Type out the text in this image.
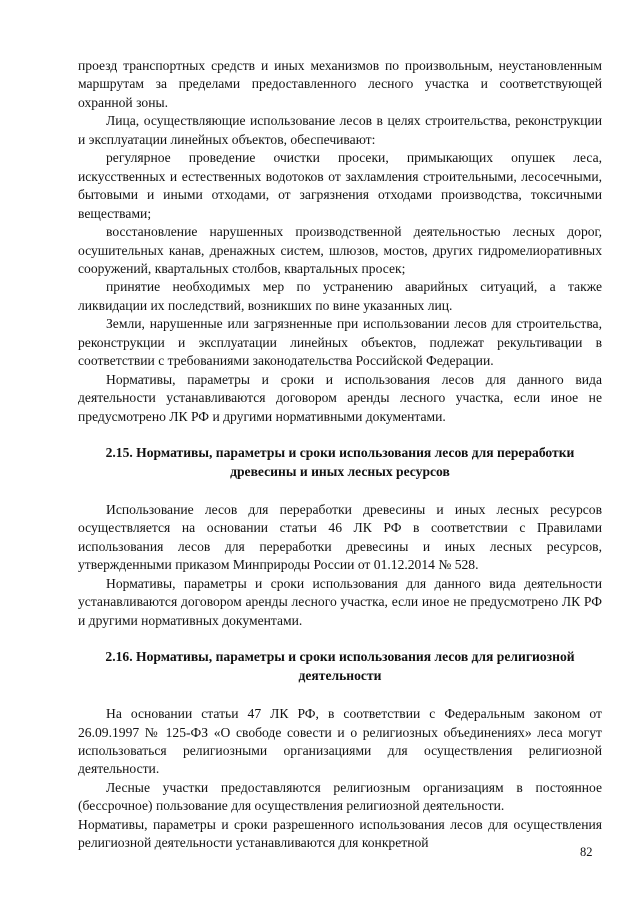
проезд транспортных средств и иных механизмов по произвольным, неустановленным маршрутам за пределами предоставленного лесного участка и соответствующей охранной зоны.

Лица, осуществляющие использование лесов в целях строительства, реконструкции и эксплуатации линейных объектов, обеспечивают:

регулярное проведение очистки просеки, примыкающих опушек леса, искусственных и естественных водотоков от захламления строительными, лесосечными, бытовыми и иными отходами, от загрязнения отходами производства, токсичными веществами;

восстановление нарушенных производственной деятельностью лесных дорог, осушительных канав, дренажных систем, шлюзов, мостов, других гидромелиоративных сооружений, квартальных столбов, квартальных просек;

принятие необходимых мер по устранению аварийных ситуаций, а также ликвидации их последствий, возникших по вине указанных лиц.

Земли, нарушенные или загрязненные при использовании лесов для строительства, реконструкции и эксплуатации линейных объектов, подлежат рекультивации в соответствии с требованиями законодательства Российской Федерации.

Нормативы, параметры и сроки и использования лесов для данного вида деятельности устанавливаются договором аренды лесного участка, если иное не предусмотрено ЛК РФ и другими нормативными документами.

2.15. Нормативы, параметры и сроки использования лесов для переработки древесины и иных лесных ресурсов

Использование лесов для переработки древесины и иных лесных ресурсов осуществляется на основании статьи 46 ЛК РФ в соответствии с Правилами использования лесов для переработки древесины и иных лесных ресурсов, утвержденными приказом Минприроды России от 01.12.2014 № 528.

Нормативы, параметры и сроки использования для данного вида деятельности устанавливаются договором аренды лесного участка, если иное не предусмотрено ЛК РФ и другими нормативных документами.

2.16. Нормативы, параметры и сроки использования лесов для религиозной деятельности

На основании статьи 47 ЛК РФ, в соответствии с Федеральным законом от 26.09.1997 № 125-ФЗ «О свободе совести и о религиозных объединениях» леса могут использоваться религиозными организациями для осуществления религиозной деятельности.

Лесные участки предоставляются религиозным организациям в постоянное (бессрочное) пользование для осуществления религиозной деятельности.

Нормативы, параметры и сроки разрешенного использования лесов для осуществления религиозной деятельности устанавливаются для конкретной

82
